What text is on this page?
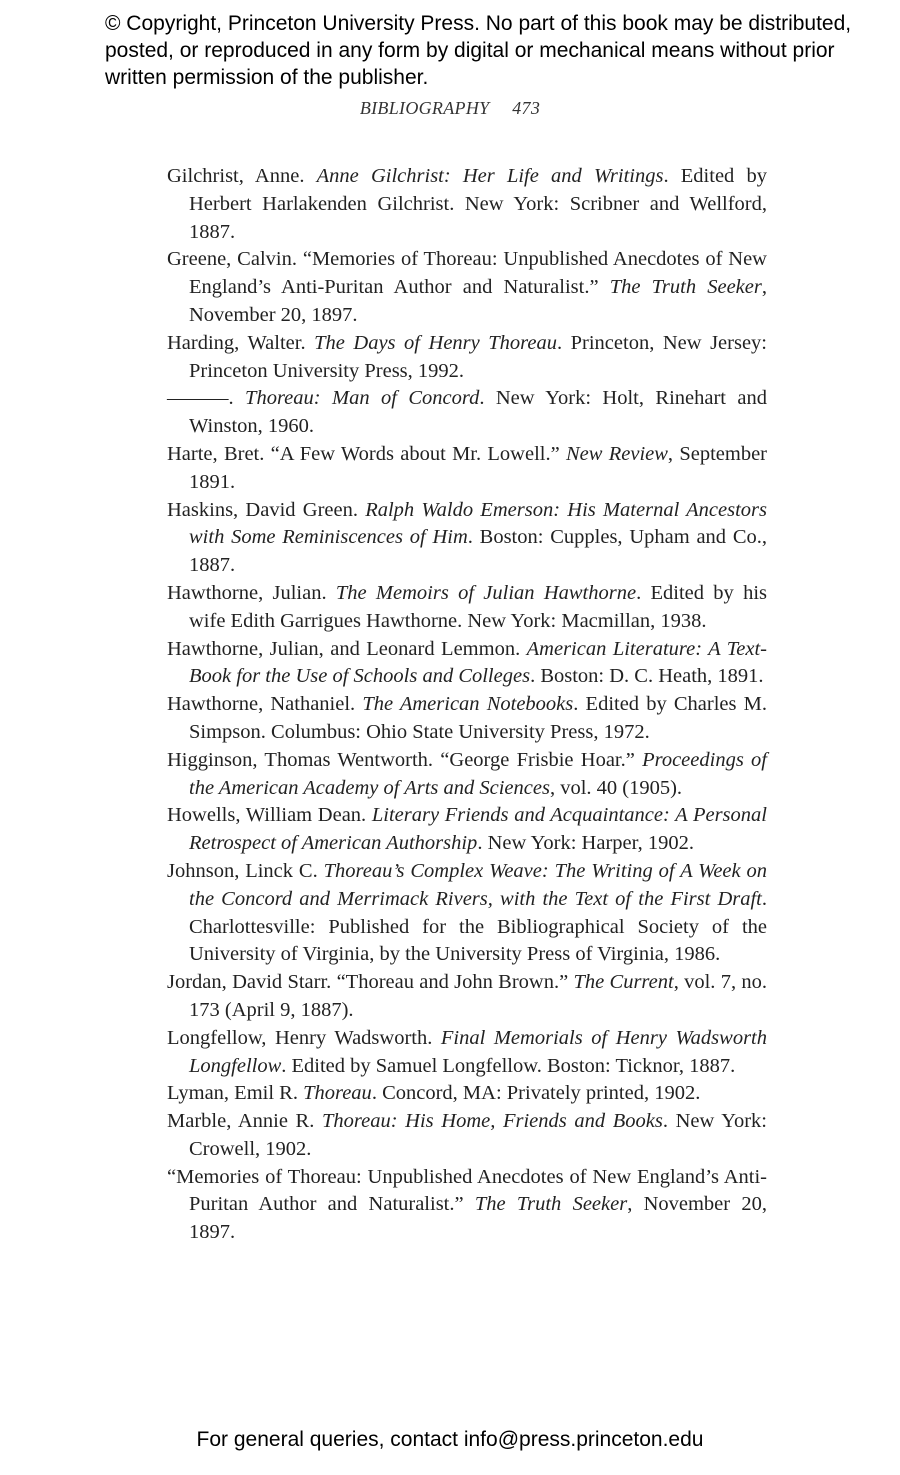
© Copyright, Princeton University Press. No part of this book may be distributed, posted, or reproduced in any form by digital or mechanical means without prior written permission of the publisher.
BIBLIOGRAPHY 473

Gilchrist, Anne. Anne Gilchrist: Her Life and Writings. Edited by Herbert Harlakenden Gilchrist. New York: Scribner and Wellford, 1887.

Greene, Calvin. “Memories of Thoreau: Unpublished Anecdotes of New England’s Anti-Puritan Author and Naturalist.” The Truth Seeker, November 20, 1897.

Harding, Walter. The Days of Henry Thoreau. Princeton, New Jersey: Princeton University Press, 1992.

———. Thoreau: Man of Concord. New York: Holt, Rinehart and Winston, 1960.

Harte, Bret. “A Few Words about Mr. Lowell.” New Review, September 1891.

Haskins, David Green. Ralph Waldo Emerson: His Maternal Ancestors with Some Reminiscences of Him. Boston: Cupples, Upham and Co., 1887.

Hawthorne, Julian. The Memoirs of Julian Hawthorne. Edited by his wife Edith Garrigues Hawthorne. New York: Macmillan, 1938.

Hawthorne, Julian, and Leonard Lemmon. American Literature: A Text-Book for the Use of Schools and Colleges. Boston: D. C. Heath, 1891.

Hawthorne, Nathaniel. The American Notebooks. Edited by Charles M. Simpson. Columbus: Ohio State University Press, 1972.

Higginson, Thomas Wentworth. “George Frisbie Hoar.” Proceedings of the American Academy of Arts and Sciences, vol. 40 (1905).

Howells, William Dean. Literary Friends and Acquaintance: A Personal Retrospect of American Authorship. New York: Harper, 1902.

Johnson, Linck C. Thoreau’s Complex Weave: The Writing of A Week on the Concord and Merrimack Rivers, with the Text of the First Draft. Charlottesville: Published for the Bibliographical Society of the University of Virginia, by the University Press of Virginia, 1986.

Jordan, David Starr. “Thoreau and John Brown.” The Current, vol. 7, no. 173 (April 9, 1887).

Longfellow, Henry Wadsworth. Final Memorials of Henry Wadsworth Longfellow. Edited by Samuel Longfellow. Boston: Ticknor, 1887.

Lyman, Emil R. Thoreau. Concord, MA: Privately printed, 1902.

Marble, Annie R. Thoreau: His Home, Friends and Books. New York: Crowell, 1902.

“Memories of Thoreau: Unpublished Anecdotes of New England’s Anti-Puritan Author and Naturalist.” The Truth Seeker, November 20, 1897.

For general queries, contact info@press.princeton.edu
